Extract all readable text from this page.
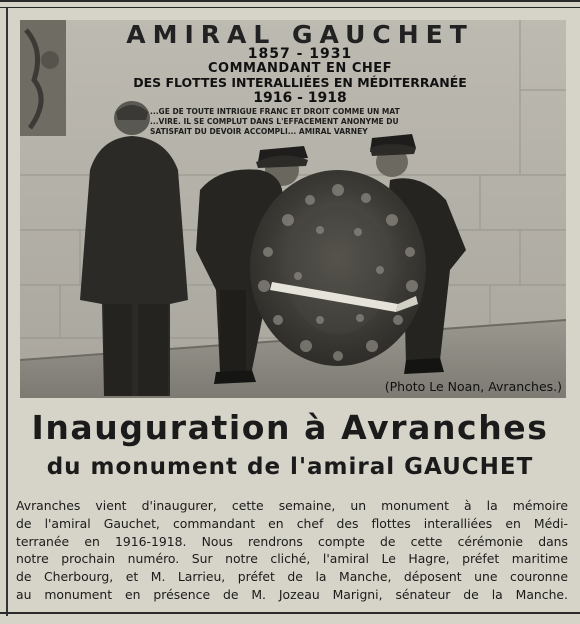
AMIRAL GAUCHET
1857 - 1931
COMMANDANT EN CHEF
DES FLOTTES INTERALLIÉES EN MÉDITERRANÉE
1916 - 1918
...GE DE TOUTE INTRIGUE FRANC ET DROIT COMME UN MAT
...VIRE. IL SE COMPLUT DANS L'EFFACEMENT ANONYME DU
SATISFAIT DU DEVOIR ACCOMPLI... AMIRAL VARNEY
(Photo Le Noan, Avranches.)
Inauguration à Avranches
du monument de l'amiral GAUCHET
Avranches vient d'inaugurer, cette semaine, un monument à la mémoire
de l'amiral Gauchet, commandant en chef des flottes interalliées en Médi-
terranée en 1916-1918. Nous rendrons compte de cette cérémonie dans
notre prochain numéro. Sur notre cliché, l'amiral Le Hagre, préfet maritime
de Cherbourg, et M. Larrieu, préfet de la Manche, déposent une couronne
au monument en présence de M. Jozeau Marigni, sénateur de la Manche.
